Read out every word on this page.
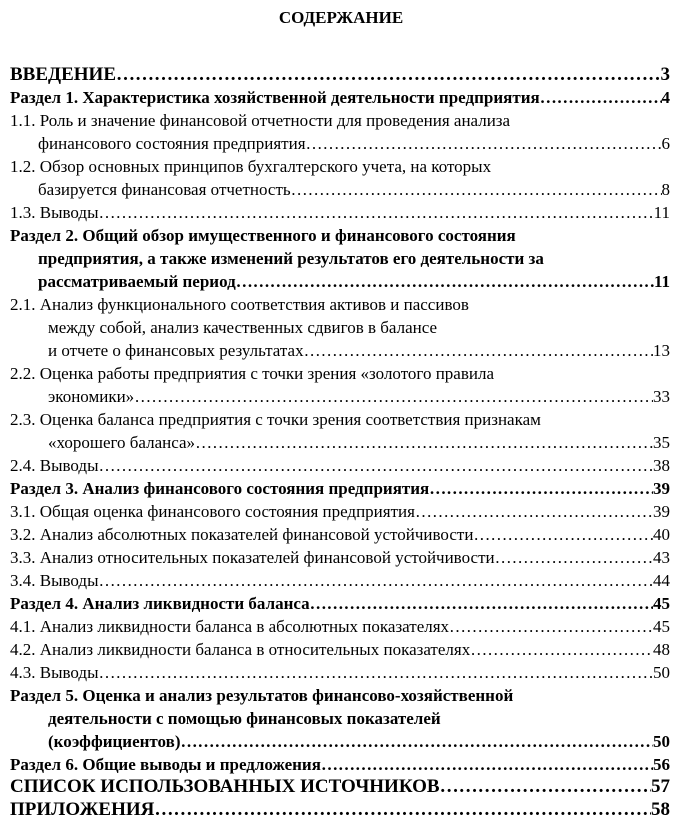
СОДЕРЖАНИЕ
ВВЕДЕНИЕ …………………………………………………………………………………………………………………………………………	3
Раздел 1. Характеристика хозяйственной деятельности предприятия …………………………………………………………………………………………………………………………………………	4
1.1. Роль и значение финансовой отчетности для проведения анализа
финансового состояния предприятия …………………………………………………………………………………………………………………………………………	6
1.2. Обзор основных принципов бухгалтерского учета, на которых
базируется финансовая отчетность …………………………………………………………………………………………………………………………………………	8
1.3. Выводы …………………………………………………………………………………………………………………………………………	11
Раздел 2. Общий обзор имущественного и финансового состояния
предприятия, а также изменений результатов его деятельности за
рассматриваемый период …………………………………………………………………………………………………………………………………………	11
2.1. Анализ функционального соответствия активов и пассивов
между собой, анализ качественных сдвигов в балансе
и отчете о финансовых результатах …………………………………………………………………………………………………………………………………………	13
2.2. Оценка работы предприятия с точки зрения «золотого правила
экономики» …………………………………………………………………………………………………………………………………………	33
2.3. Оценка баланса предприятия с точки зрения соответствия признакам
«хорошего баланса» …………………………………………………………………………………………………………………………………………	35
2.4. Выводы …………………………………………………………………………………………………………………………………………	38
Раздел 3. Анализ финансового состояния предприятия …………………………………………………………………………………………………………………………………………	39
3.1. Общая оценка финансового состояния предприятия …………………………………………………………………………………………………………………………………………	39
3.2. Анализ абсолютных показателей финансовой устойчивости …………………………………………………………………………………………………………………………………………	40
3.3. Анализ относительных показателей финансовой устойчивости …………………………………………………………………………………………………………………………………………	43
3.4. Выводы …………………………………………………………………………………………………………………………………………	44
Раздел 4. Анализ ликвидности баланса …………………………………………………………………………………………………………………………………………	45
4.1. Анализ ликвидности баланса в абсолютных показателях …………………………………………………………………………………………………………………………………………	45
4.2. Анализ ликвидности баланса в относительных показателях …………………………………………………………………………………………………………………………………………	48
4.3. Выводы …………………………………………………………………………………………………………………………………………	50
Раздел 5. Оценка и анализ результатов финансово-хозяйственной
деятельности с помощью финансовых показателей
(коэффициентов) …………………………………………………………………………………………………………………………………………	50
Раздел 6. Общие выводы и предложения …………………………………………………………………………………………………………………………………………	56
СПИСОК ИСПОЛЬЗОВАННЫХ ИСТОЧНИКОВ …………………………………………………………………………………………………………………………………………	57
ПРИЛОЖЕНИЯ …………………………………………………………………………………………………………………………………………	58
